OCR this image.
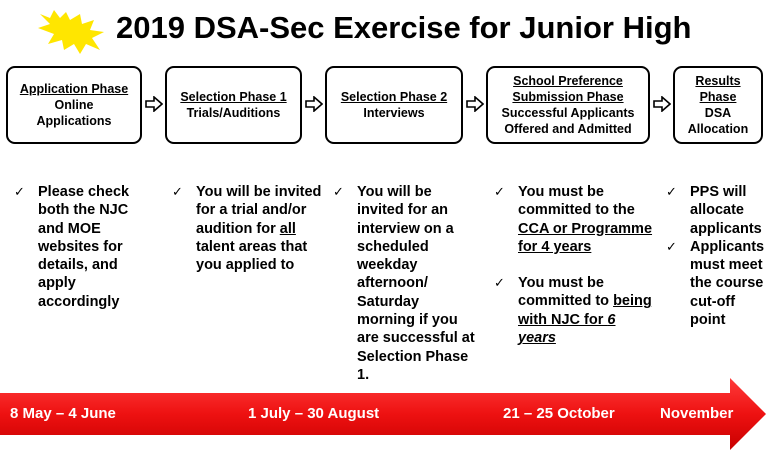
2019 DSA-Sec Exercise for Junior High
Application Phase
Online Applications
Selection Phase 1
Trials/Auditions
Selection Phase 2
Interviews
School Preference Submission Phase
Successful Applicants Offered and Admitted
Results Phase
DSA Allocation
✓ Please check both the NJC and MOE websites for details, and apply accordingly
✓ You will be invited for a trial and/or audition for all talent areas that you applied to
✓ You will be invited for an interview on a scheduled weekday afternoon/ Saturday morning if you are successful at Selection Phase 1.
✓ You must be committed to the CCA or Programme for 4 years
✓ You must be committed to being with NJC for 6 years
✓ PPS will allocate applicants
✓ Applicants must meet the course cut-off point
8 May – 4 June	1 July – 30 August	21 – 25 October	November
